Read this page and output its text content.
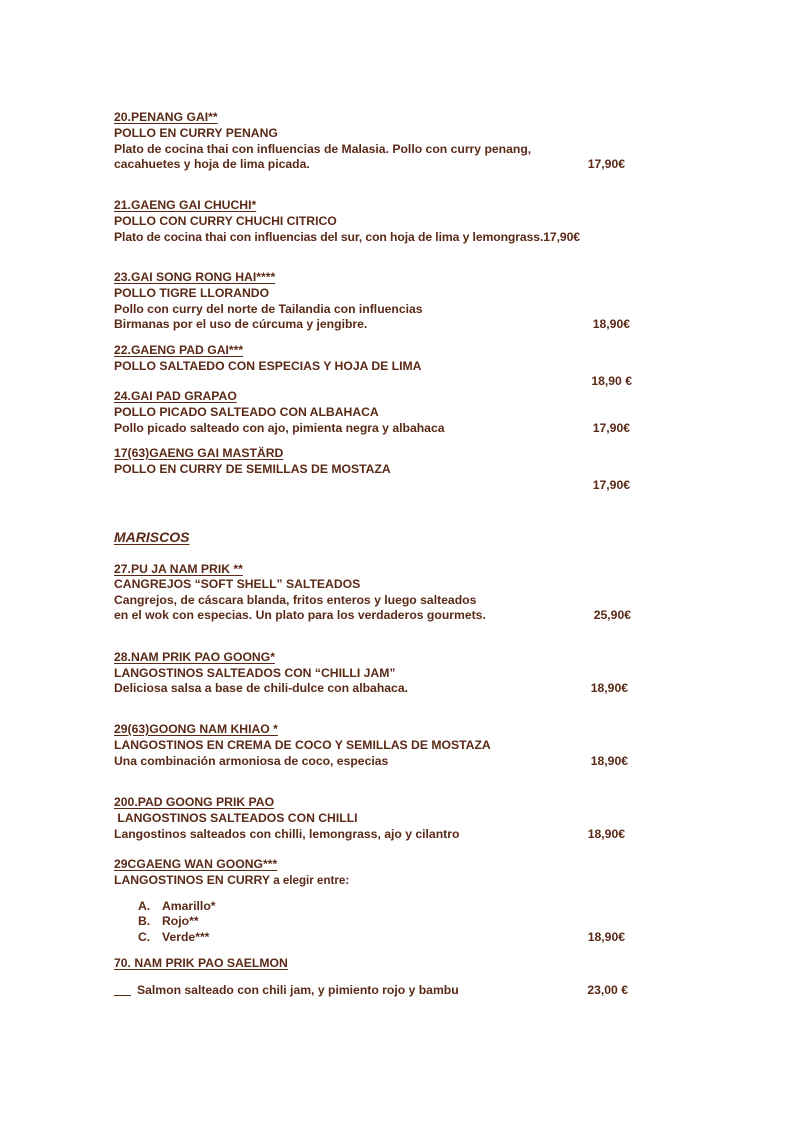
20.PENANG GAI**
POLLO EN CURRY PENANG
Plato de cocina thai con influencias de Malasia. Pollo con curry penang,
cacahuetes y hoja de lima picada.	17,90€
21.GAENG GAI CHUCHI*
POLLO CON CURRY CHUCHI CITRICO
Plato de cocina thai con influencias del sur, con hoja de lima y lemongrass.17,90€
23.GAI SONG RONG HAI****
POLLO TIGRE LLORANDO
Pollo con curry del norte de Tailandia con influencias
Birmanas por el uso de cúrcuma y jengibre.	18,90€
22.GAENG PAD GAI***
POLLO SALTAEDO CON ESPECIAS Y HOJA DE LIMA
18,90 €
24.GAI PAD GRAPAO
POLLO PICADO SALTEADO CON ALBAHACA
Pollo picado salteado con ajo, pimienta negra y albahaca	17,90€
17(63)GAENG GAI MASTÄRD
POLLO EN CURRY DE SEMILLAS DE MOSTAZA
17,90€
MARISCOS
27.PU JA NAM PRIK **
CANGREJOS “SOFT SHELL” SALTEADOS
Cangrejos, de cáscara blanda, fritos enteros y luego salteados
en el wok con especias. Un plato para los verdaderos gourmets.	25,90€
28.NAM PRIK PAO GOONG*
LANGOSTINOS SALTEADOS CON “CHILLI JAM”
Deliciosa salsa a base de chili-dulce con albahaca.	18,90€
29(63)GOONG NAM KHIAO *
LANGOSTINOS EN CREMA DE COCO Y SEMILLAS DE MOSTAZA
Una combinación armoniosa de coco, especias	18,90€
200.PAD GOONG PRIK PAO
LANGOSTINOS SALTEADOS CON CHILLI
Langostinos salteados con chilli, lemongrass, ajo y cilantro	18,90€
29CGAENG WAN GOONG***
LANGOSTINOS EN CURRY a elegir entre:
A. Amarillo*
B. Rojo**
C. Verde***	18,90€
70. NAM PRIK PAO SAELMON
Salmon salteado con chili jam, y pimiento rojo y bambu	23,00 €
